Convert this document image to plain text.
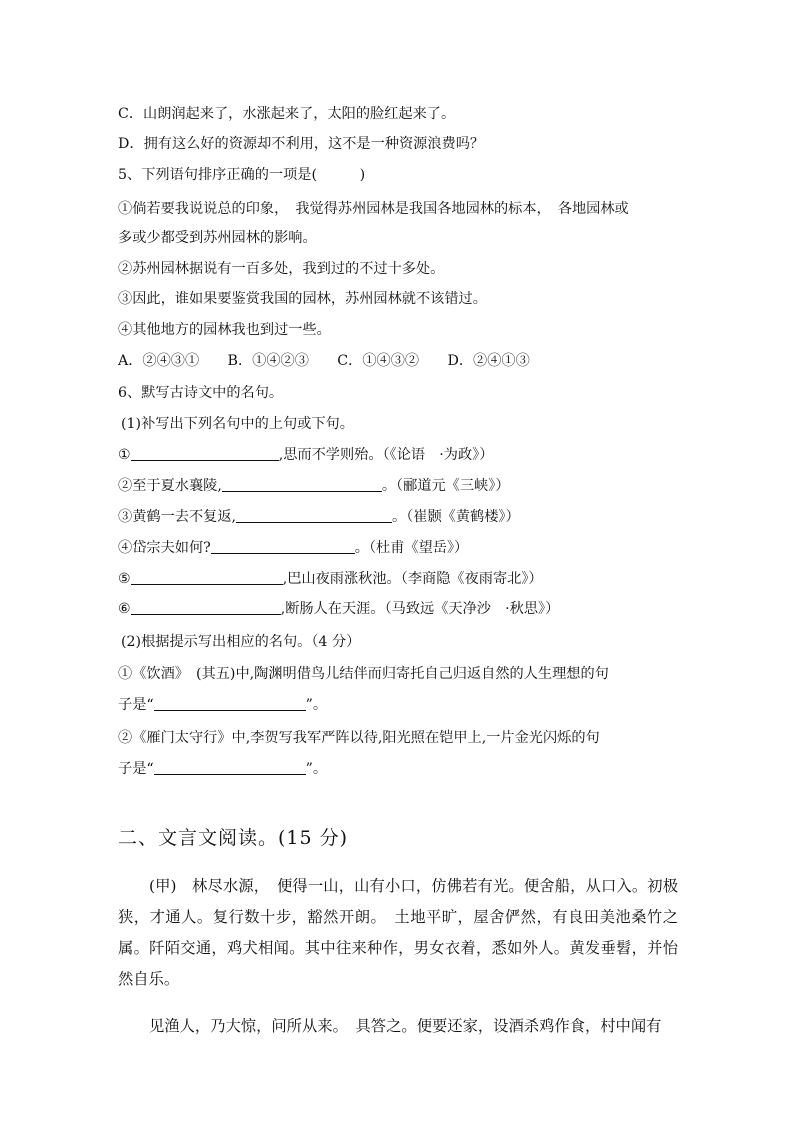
C．山朗润起来了，水涨起来了，太阳的脸红起来了。
D．拥有这么好的资源却不利用，这不是一种资源浪费吗？
5、下列语句排序正确的一项是(　　　)
①倘若要我说说总的印象，　我觉得苏州园林是我国各地园林的标本，　各地园林或
多或少都受到苏州园林的影响。
②苏州园林据说有一百多处，我到过的不过十多处。
③因此，谁如果要鉴赏我国的园林，苏州园林就不该错过。
④其他地方的园林我也到过一些。
A．②④③①　　B．①④②③　　C．①④③②　　D．②④①③
6、默写古诗文中的名句。
(1)补写出下列名句中的上句或下句。
①	,思而不学则殆。（《论语　·为政》）
②至于夏水襄陵,	。（郦道元《三峡》）
③黄鹤一去不复返,	。（崔颢《黄鹤楼》）
④岱宗夫如何?	。（杜甫《望岳》）
⑤	,巴山夜雨涨秋池。（李商隐《夜雨寄北》）
⑥	,断肠人在天涯。（马致远《天净沙　·秋思》）
(2)根据提示写出相应的名句。（4 分）
①《饮酒》　(其五)中,陶渊明借鸟儿结伴而归寄托自己归返自然的人生理想的句
子是“	”。
②《雁门太守行》中,李贺写我军严阵以待,阳光照在铠甲上,一片金光闪烁的句
子是“	”。
二、文言文阅读。(15 分)
(甲)　林尽水源，　便得一山，山有小口，仿佛若有光。便舍船，从口入。初极狭，才通人。复行数十步，豁然开朗。　土地平旷，屋舍俨然，有良田美池桑竹之属。阡陌交通，鸡犬相闻。其中往来种作，男女衣着，悉如外人。黄发垂髫，并怡然自乐。
见渔人，乃大惊，问所从来。　具答之。便要还家，设酒杀鸡作食，村中闻有
